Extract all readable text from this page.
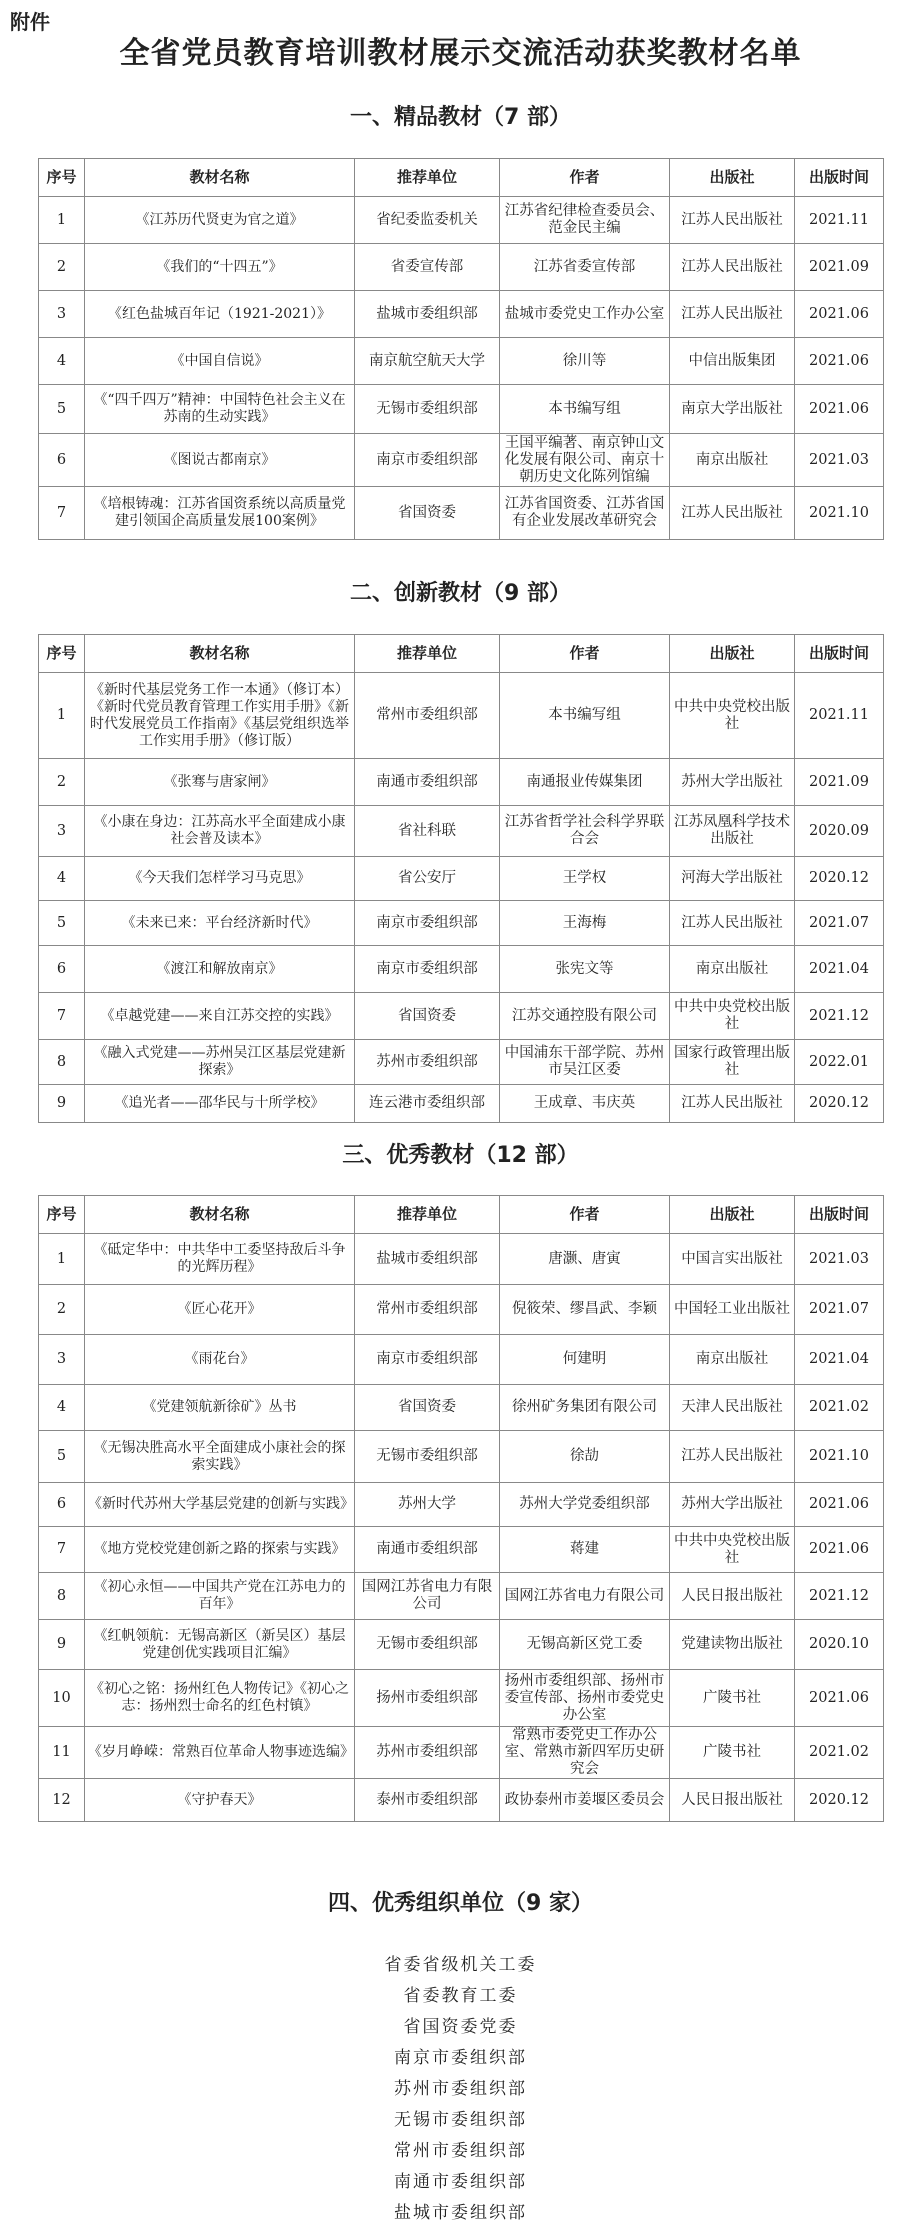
附件
全省党员教育培训教材展示交流活动获奖教材名单
一、精品教材（7 部）
序号	教材名称	推荐单位	作者	出版社	出版时间
1	《江苏历代贤吏为官之道》	省纪委监委机关	江苏省纪律检查委员会、范金民主编	江苏人民出版社	2021.11
2	《我们的“十四五”》	省委宣传部	江苏省委宣传部	江苏人民出版社	2021.09
3	《红色盐城百年记（1921-2021）》	盐城市委组织部	盐城市委党史工作办公室	江苏人民出版社	2021.06
4	《中国自信说》	南京航空航天大学	徐川等	中信出版集团	2021.06
5	《“四千四万”精神：中国特色社会主义在苏南的生动实践》	无锡市委组织部	本书编写组	南京大学出版社	2021.06
6	《图说古都南京》	南京市委组织部	王国平编著、南京钟山文化发展有限公司、南京十朝历史文化陈列馆编	南京出版社	2021.03
7	《培根铸魂：江苏省国资系统以高质量党建引领国企高质量发展100案例》	省国资委	江苏省国资委、江苏省国有企业发展改革研究会	江苏人民出版社	2021.10
二、创新教材（9 部）
序号	教材名称	推荐单位	作者	出版社	出版时间
1	《新时代基层党务工作一本通》（修订本）《新时代党员教育管理工作实用手册》《新时代发展党员工作指南》《基层党组织选举工作实用手册》（修订版）	常州市委组织部	本书编写组	中共中央党校出版社	2021.11
2	《张骞与唐家闸》	南通市委组织部	南通报业传媒集团	苏州大学出版社	2021.09
3	《小康在身边：江苏高水平全面建成小康社会普及读本》	省社科联	江苏省哲学社会科学界联合会	江苏凤凰科学技术出版社	2020.09
4	《今天我们怎样学习马克思》	省公安厅	王学权	河海大学出版社	2020.12
5	《未来已来：平台经济新时代》	南京市委组织部	王海梅	江苏人民出版社	2021.07
6	《渡江和解放南京》	南京市委组织部	张宪文等	南京出版社	2021.04
7	《卓越党建——来自江苏交控的实践》	省国资委	江苏交通控股有限公司	中共中央党校出版社	2021.12
8	《融入式党建——苏州吴江区基层党建新探索》	苏州市委组织部	中国浦东干部学院、苏州市吴江区委	国家行政管理出版社	2022.01
9	《追光者——邵华民与十所学校》	连云港市委组织部	王成章、韦庆英	江苏人民出版社	2020.12
三、优秀教材（12 部）
序号	教材名称	推荐单位	作者	出版社	出版时间
1	《砥定华中：中共华中工委坚持敌后斗争的光辉历程》	盐城市委组织部	唐灏、唐寅	中国言实出版社	2021.03
2	《匠心花开》	常州市委组织部	倪筱荣、缪昌武、李颖	中国轻工业出版社	2021.07
3	《雨花台》	南京市委组织部	何建明	南京出版社	2021.04
4	《党建领航新徐矿》丛书	省国资委	徐州矿务集团有限公司	天津人民出版社	2021.02
5	《无锡决胜高水平全面建成小康社会的探索实践》	无锡市委组织部	徐劼	江苏人民出版社	2021.10
6	《新时代苏州大学基层党建的创新与实践》	苏州大学	苏州大学党委组织部	苏州大学出版社	2021.06
7	《地方党校党建创新之路的探索与实践》	南通市委组织部	蒋建	中共中央党校出版社	2021.06
8	《初心永恒——中国共产党在江苏电力的百年》	国网江苏省电力有限公司	国网江苏省电力有限公司	人民日报出版社	2021.12
9	《红帆领航：无锡高新区（新吴区）基层党建创优实践项目汇编》	无锡市委组织部	无锡高新区党工委	党建读物出版社	2020.10
10	《初心之铭：扬州红色人物传记》《初心之志：扬州烈士命名的红色村镇》	扬州市委组织部	扬州市委组织部、扬州市委宣传部、扬州市委党史办公室	广陵书社	2021.06
11	《岁月峥嵘：常熟百位革命人物事迹选编》	苏州市委组织部	常熟市委党史工作办公室、常熟市新四军历史研究会	广陵书社	2021.02
12	《守护春天》	泰州市委组织部	政协泰州市姜堰区委员会	人民日报出版社	2020.12
四、优秀组织单位（9 家）
省委省级机关工委
省委教育工委
省国资委党委
南京市委组织部
苏州市委组织部
无锡市委组织部
常州市委组织部
南通市委组织部
盐城市委组织部
